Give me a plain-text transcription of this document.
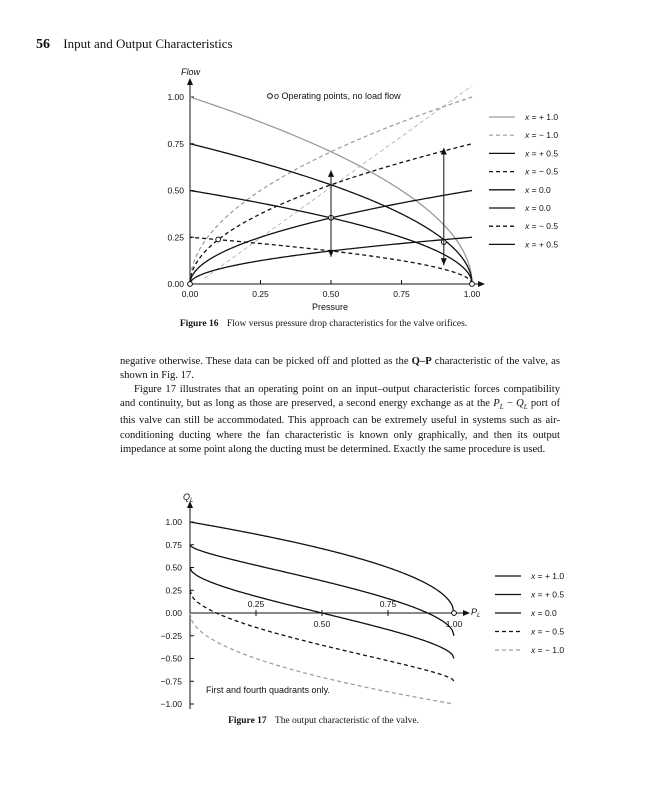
56 Input and Output Characteristics
Flow
Pressure
o Operating points, no load flow
0.00
0.25
0.50
0.75
1.00
0.00	0.25	0.50	0.75	1.00
x = + 1.0
x = − 1.0
x = + 0.5
x = − 0.5
x = 0.0
x = 0.0
x = − 0.5
x = + 0.5
Figure 16 Flow versus pressure drop characteristics for the valve orifices.

negative otherwise. These data can be picked off and plotted as the Q–P characteristic of the valve, as shown in Fig. 17.

Figure 17 illustrates that an operating point on an input–output characteristic forces compatibility and continuity, but as long as those are preserved, a second energy exchange as at the $P_L - Q_L$ port of this valve can still be accommodated. This approach can be extremely useful in systems such as air-conditioning ducting where the fan characteristic is known only graphically, and then its output impedance at some point along the ducting must be determined. Exactly the same procedure is used.

$Q_L$
$P_L$
First and fourth quadrants only.
1.00
0.75
0.50
0.25
0.00
−0.25
−0.50
−0.75
−1.00
0.25
0.50
0.75
1.00
x = + 1.0
x = + 0.5
x = 0.0
x = − 0.5
x = − 1.0
Figure 17 The output characteristic of the valve.
